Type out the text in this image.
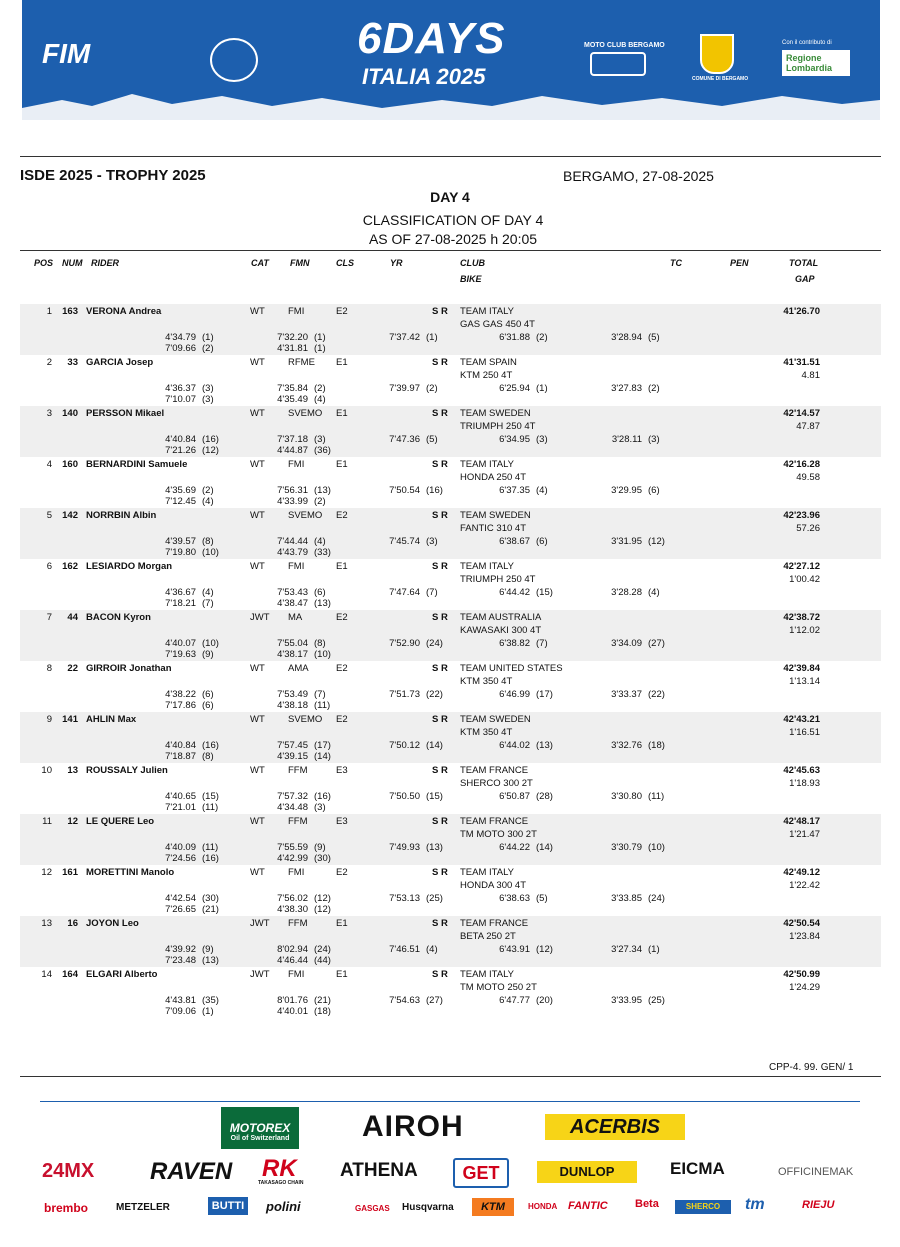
FIM	6DAYS
ITALIA 2025
MOTO CLUB BERGAMO
COMUNE DI BERGAMO
Con il contributo di
Regione Lombardia
ISDE 2025 - TROPHY 2025	BERGAMO, 27-08-2025
DAY 4
CLASSIFICATION OF DAY 4
AS OF 27-08-2025 h 20:05
POS NUM RIDER	CAT FMN	CLS	YR	CLUB
BIKE
TC	PEN	TOTAL
GAP
1	163 VERONA Andrea	WT FMI	E2	S R TEAM ITALY
GAS GAS 450 4T
41'26.70
4'34.79 (1)	7'32.20 (1)	7'37.42 (1)	6'31.88 (2)	3'28.94 (5)
7'09.66 (2)	4'31.81 (1)
2	33 GARCIA Josep	WT RFME E1	S R TEAM SPAIN
KTM 250 4T
41'31.51
4.81
4'36.37 (3)	7'35.84 (2)	7'39.97 (2)	6'25.94 (1)	3'27.83 (2)
7'10.07 (3)	4'35.49 (4)
3	140 PERSSON Mikael	WT SVEMO E1	S R TEAM SWEDEN
TRIUMPH 250 4T
42'14.57
47.87
4'40.84 (16)	7'37.18 (3)	7'47.36 (5)	6'34.95 (3)	3'28.11 (3)
7'21.26 (12)	4'44.87 (36)
4	160 BERNARDINI Samuele	WT FMI	E1	S R TEAM ITALY
HONDA 250 4T
42'16.28
49.58
4'35.69 (2)	7'56.31 (13)	7'50.54 (16)	6'37.35 (4)	3'29.95 (6)
7'12.45 (4)	4'33.99 (2)
5	142 NORRBIN Albin	WT SVEMO E2	S R TEAM SWEDEN
FANTIC 310 4T
42'23.96
57.26
4'39.57 (8)	7'44.44 (4)	7'45.74 (3)	6'38.67 (6)	3'31.95 (12)
7'19.80 (10)	4'43.79 (33)
6	162 LESIARDO Morgan	WT FMI	E1	S R TEAM ITALY
TRIUMPH 250 4T
42'27.12
1'00.42
4'36.67 (4)	7'53.43 (6)	7'47.64 (7)	6'44.42 (15)	3'28.28 (4)
7'18.21 (7)	4'38.47 (13)
7	44 BACON Kyron	JWT MA	E2	S R TEAM AUSTRALIA
KAWASAKI 300 4T
42'38.72
1'12.02
4'40.07 (10)	7'55.04 (8)	7'52.90 (24)	6'38.82 (7)	3'34.09 (27)
7'19.63 (9)	4'38.17 (10)
8	22 GIRROIR Jonathan	WT AMA	E2	S R TEAM UNITED STATES
KTM 350 4T
42'39.84
1'13.14
4'38.22 (6)	7'53.49 (7)	7'51.73 (22)	6'46.99 (17)	3'33.37 (22)
7'17.86 (6)	4'38.18 (11)
9	141 AHLIN Max	WT SVEMO E2	S R TEAM SWEDEN
KTM 350 4T
42'43.21
1'16.51
4'40.84 (16)	7'57.45 (17)	7'50.12 (14)	6'44.02 (13)	3'32.76 (18)
7'18.87 (8)	4'39.15 (14)
10	13 ROUSSALY Julien	WT FFM	E3	S R TEAM FRANCE
SHERCO 300 2T
42'45.63
1'18.93
4'40.65 (15)	7'57.32 (16)	7'50.50 (15)	6'50.87 (28)	3'30.80 (11)
7'21.01 (11)	4'34.48 (3)
11	12 LE QUERE Leo	WT FFM	E3	S R TEAM FRANCE
TM MOTO 300 2T
42'48.17
1'21.47
4'40.09 (11)	7'55.59 (9)	7'49.93 (13)	6'44.22 (14)	3'30.79 (10)
7'24.56 (16)	4'42.99 (30)
12	161 MORETTINI Manolo	WT FMI	E2	S R TEAM ITALY
HONDA 300 4T
42'49.12
1'22.42
4'42.54 (30)	7'56.02 (12)	7'53.13 (25)	6'38.63 (5)	3'33.85 (24)
7'26.65 (21)	4'38.30 (12)
13	16 JOYON Leo	JWT FFM	E1	S R TEAM FRANCE
BETA 250 2T
42'50.54
1'23.84
4'39.92 (9)	8'02.94 (24)	7'46.51 (4)	6'43.91 (12)	3'27.34 (1)
7'23.48 (13)	4'46.44 (44)
14	164 ELGARI Alberto	JWT FMI	E1	S R TEAM ITALY
TM MOTO 250 2T
42'50.99
1'24.29
4'43.81 (35)	8'01.76 (21)	7'54.63 (27)	6'47.77 (20)	3'33.95 (25)
7'09.06 (1)	4'40.01 (18)
CPP-4. 99. GEN/ 1
MOTOREX
Oil of Switzerland	AIROH	ACERBIS
24MX RAVEN RK
TAKASAGO CHAIN
ATHENA	GET	DUNLOP	EICMA	OFFICINEMAK
brembo	METZELER	BUTTI polini	GASGAS Husqvarna	KTM	HONDA FANTIC Beta	SHERCO	tm	RIEJU
